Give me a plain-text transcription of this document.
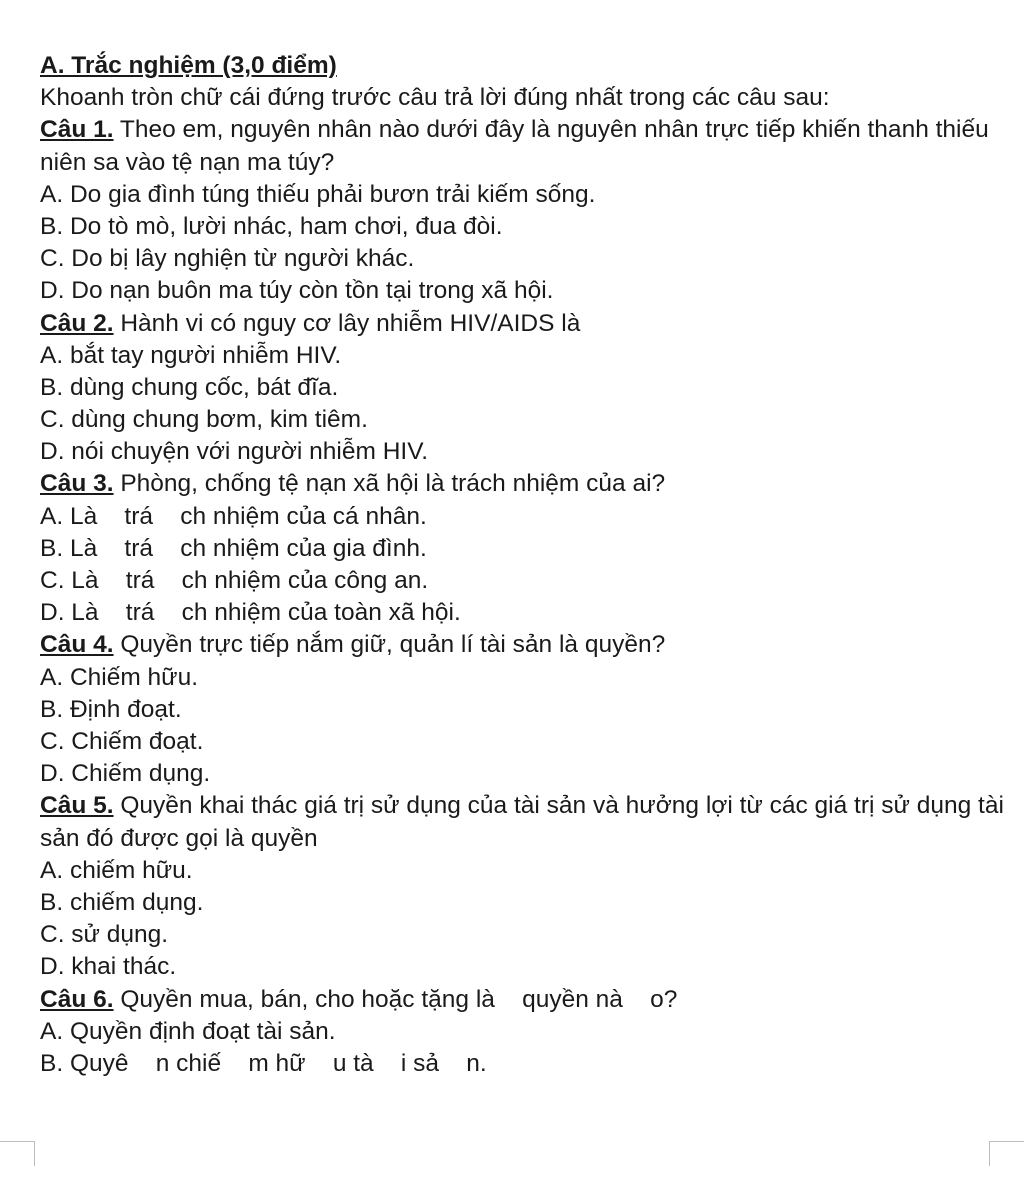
A. Trắc nghiệm (3,0 điểm)
Khoanh tròn chữ cái đứng trước câu trả lời đúng nhất trong các câu sau:
Câu 1. Theo em, nguyên nhân nào dưới đây là nguyên nhân trực tiếp khiến thanh thiếu niên sa vào tệ nạn ma túy?
A. Do gia đình túng thiếu phải bươn trải kiếm sống.
B. Do tò mò, lười nhác, ham chơi, đua đòi.
C. Do bị lây nghiện từ người khác.
D. Do nạn buôn ma túy còn tồn tại trong xã hội.
Câu 2. Hành vi có nguy cơ lây nhiễm HIV/AIDS là
A. bắt tay người nhiễm HIV.
B. dùng chung cốc, bát đĩa.
C. dùng chung bơm, kim tiêm.
D. nói chuyện với người nhiễm HIV.
Câu 3. Phòng, chống tệ nạn xã hội là trách nhiệm của ai?
A. Là    trá    ch nhiệm của cá nhân.
B. Là    trá    ch nhiệm của gia đình.
C. Là    trá    ch nhiệm của công an.
D. Là    trá    ch nhiệm của toàn xã hội.
Câu 4. Quyền trực tiếp nắm giữ, quản lí tài sản là quyền?
A. Chiếm hữu.
B. Định đoạt.
C. Chiếm đoạt.
D. Chiếm dụng.
Câu 5. Quyền khai thác giá trị sử dụng của tài sản và hưởng lợi từ các giá trị sử dụng tài sản đó được gọi là quyền
A. chiếm hữu.
B. chiếm dụng.
C. sử dụng.
D. khai thác.
Câu 6. Quyền mua, bán, cho hoặc tặng là    quyền nà    o?
A. Quyền định đoạt tài sản.
B. Quyê    n chiế    m hữ    u tà    i sả    n.
